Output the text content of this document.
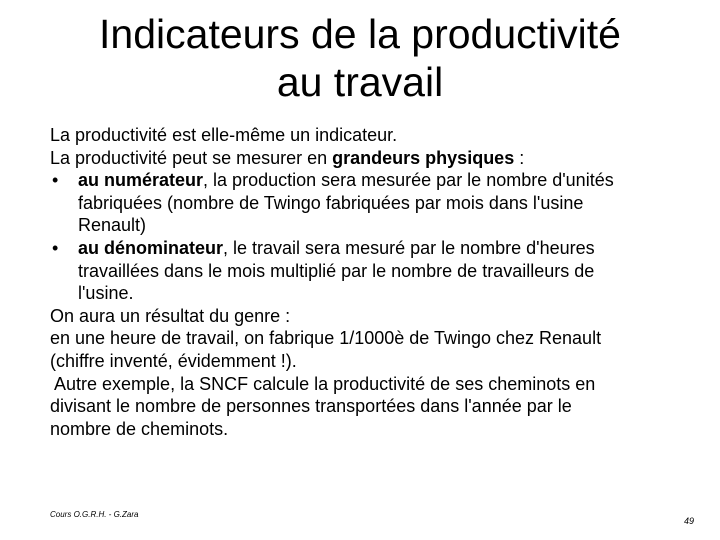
Indicateurs de la productivité
au travail
La productivité est elle-même un indicateur.
La productivité peut se mesurer en grandeurs physiques :
• au numérateur, la production sera mesurée par le nombre d'unités
fabriquées (nombre de Twingo fabriquées par mois dans l'usine
Renault)
• au dénominateur, le travail sera mesuré par le nombre d'heures
travaillées dans le mois multiplié par le nombre de travailleurs de
l'usine.
On aura un résultat du genre :
en une heure de travail, on fabrique 1/1000è de Twingo chez Renault
(chiffre inventé, évidemment !).
Autre exemple, la SNCF calcule la productivité de ses cheminots en
divisant le nombre de personnes transportées dans l'année par le
nombre de cheminots.
Cours O.G.R.H. - G.Zara
49
